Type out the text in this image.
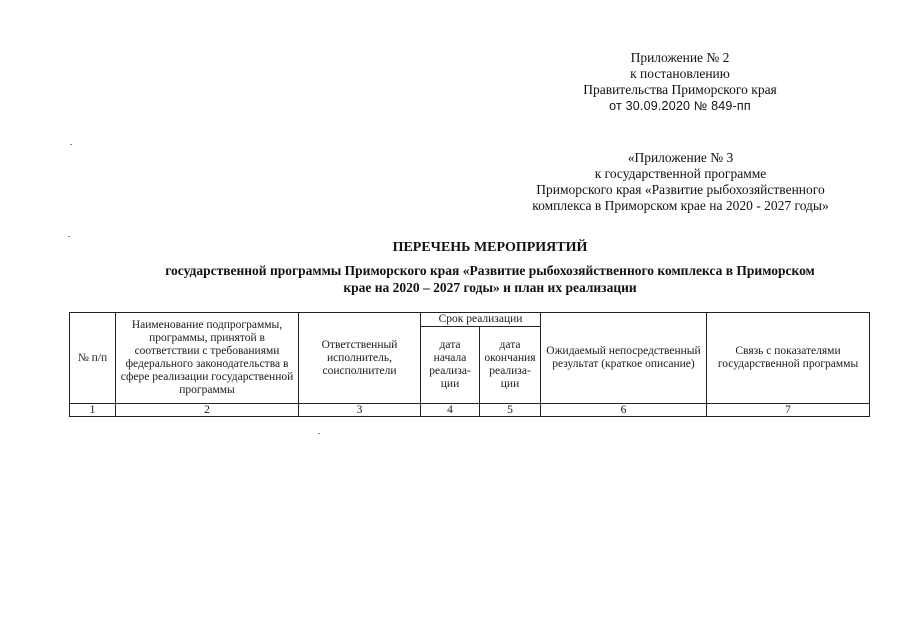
Приложение № 2
к постановлению
Правительства Приморского края
от 30.09.2020 № 849-пп
«Приложение № 3
к государственной программе
Приморского края «Развитие рыбохозяйственного
комплекса в Приморском крае на 2020 - 2027 годы»
ПЕРЕЧЕНЬ МЕРОПРИЯТИЙ
государственной программы Приморского края «Развитие рыбохозяйственного комплекса в Приморском
крае на 2020 – 2027 годы» и план их реализации
№ п/п	Наименование подпрограммы, программы, принятой в соответствии с требованиями федерального законодательства в сфере реализации государственной программы	Ответственный исполнитель, соисполнители	Срок реализации		Ожидаемый непосредственный результат (краткое описание)	Связь с показателями государственной программы
			дата начала реализа-ции	дата окончания реализа-ции		
1	2	3	4	5	6	7
